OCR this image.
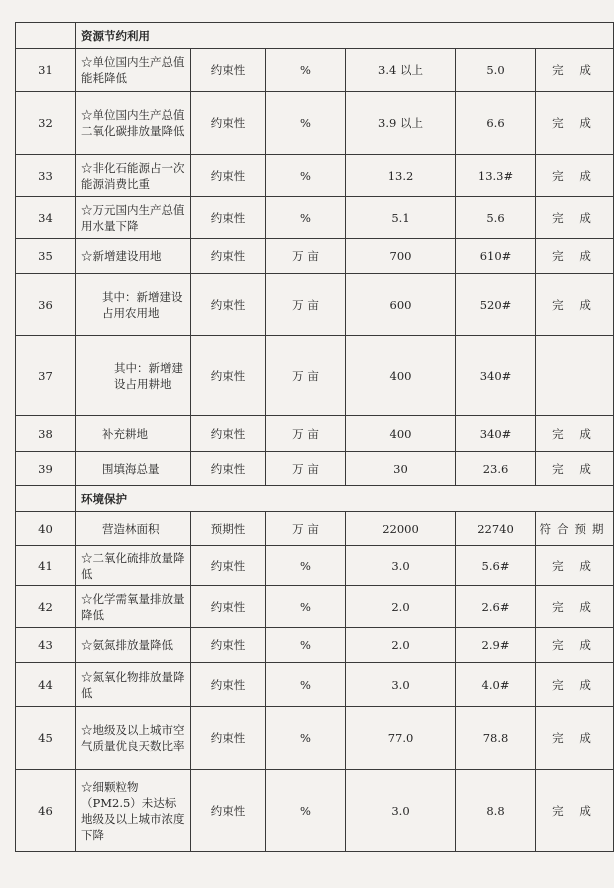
	资源节约利用					
31	☆单位国内生产总值能耗降低	约束性	%	3.4 以上	5.0	完 成
32	☆单位国内生产总值二氧化碳排放量降低	约束性	%	3.9 以上	6.6	完 成
33	☆非化石能源占一次能源消费比重	约束性	%	13.2	13.3#	完 成
34	☆万元国内生产总值用水量下降	约束性	%	5.1	5.6	完 成
35	☆新增建设用地	约束性	万 亩	700	610#	完 成
36	其中：新增建设占用农用地	约束性	万 亩	600	520#	完 成
37	其中：新增建设占用耕地	约束性	万 亩	400	340#	
38	补充耕地	约束性	万 亩	400	340#	完 成
39	围填海总量	约束性	万 亩	30	23.6	完 成
	环境保护					
40	营造林面积	预期性	万 亩	22000	22740	符合预期
41	☆二氧化硫排放量降低	约束性	%	3.0	5.6#	完 成
42	☆化学需氧量排放量降低	约束性	%	2.0	2.6#	完 成
43	☆氨氮排放量降低	约束性	%	2.0	2.9#	完 成
44	☆氮氧化物排放量降低	约束性	%	3.0	4.0#	完 成
45	☆地级及以上城市空气质量优良天数比率	约束性	%	77.0	78.8	完 成
46	☆细颗粒物（PM2.5）未达标地级及以上城市浓度下降	约束性	%	3.0	8.8	完 成
